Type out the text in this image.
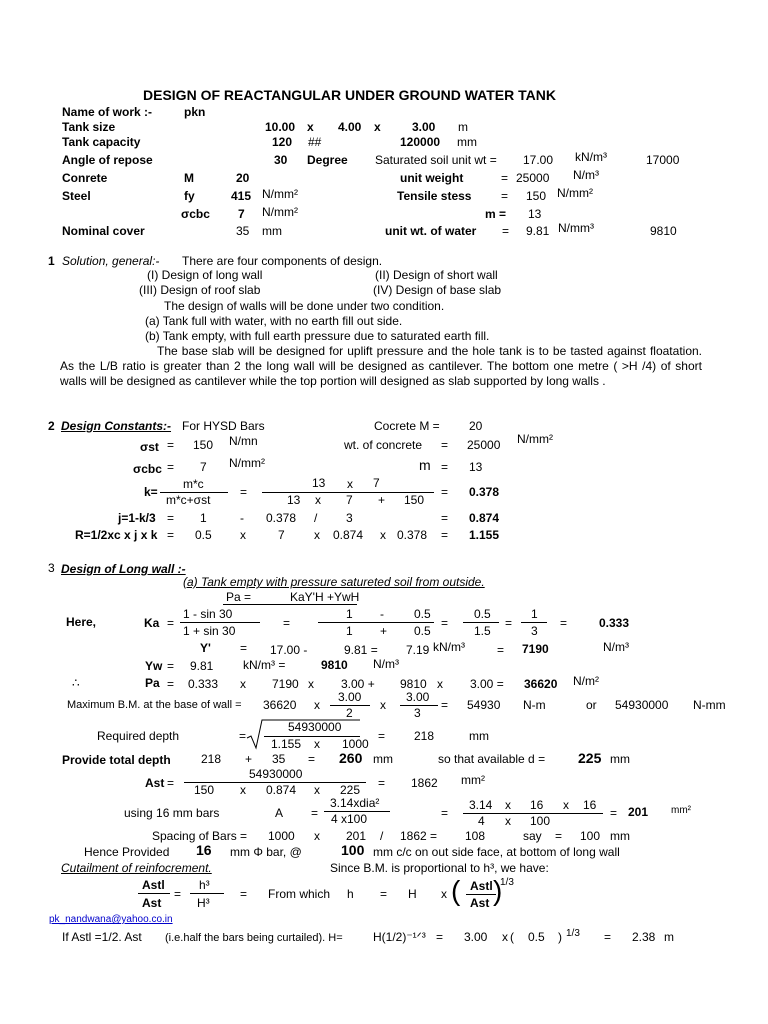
DESIGN OF REACTANGULAR UNDER GROUND WATER TANK
Name of work :-	pkn
Tank size	10.00 x 4.00 x	3.00 m
Tank capacity	120 ##	120000 mm
Angle of repose	30 Degree Saturated soil unit wt = 17.00 kN/m³	17000
Conrete	M	20	unit weight	= 25000 N/m³
Steel	fy	415 N/mm²	Tensile stess = 150 N/mm²
σcbc 7 N/mm²	m = 13
Nominal cover	35 mm	unit wt. of water = 9.81 N/mm³	9810
1 Solution, general:- There are four components of design.
(I) Design of long wall	(II) Design of short wall
(III) Design of roof slab	(IV) Design of base slab
The design of walls will be done under two condition.
(a) Tank full with water, with no earth fill out side.
(b) Tank empty, with full earth pressure due to saturated earth fill.
The base slab will be designed for uplift pressure and the hole tank is to be tasted against floatation. As the L/B ratio is greater than 2 the long wall will be designed as cantilever. The bottom one metre ( >H /4) of short walls will be designed as cantilever while the top portion will designed as slab supported by long walls .
2 Design Constants:- For HYSD Bars	Cocrete M = 20
σst = 150 N/mn	wt. of concrete = 25000 N/mm²
σcbc = 7 N/mm²	m = 13
k=
m*c
m*c+σst
=
13 x 7
13 x 7 + 150
= 0.378
j=1-k/3 = 1	- 0.378 / 3	= 0.874
R=1/2xc x j x k = 0.5 x	7 x 0.874 x 0.378 = 1.155
3 Design of Long wall :-
(a) Tank empty with pressure satureted soil from outside.
Pa =	KaY'H +YwH
Here,	Ka =
1 - sin 30
1 + sin 30
=
1 -	0.5
1 + 0.5
=
0.5
1.5
=
1
3
=	0.333
Y' = 17.00 -	9.81 = 7.19 kN/m³	= 7190	N/m³
Yw = 9.81 kN/m³ =	9810 N/m³
∴	Pa = 0.333 x 7190 x 3.00 + 9810 x 3.00 = 36620 N/m²
Maximum B.M. at the base of wall = 36620 x
3.00
2
x
3.00
3
= 54930 N-m	or 54930000 N-mm
Required depth	=
54930000
1.155 x 1000
= 218	mm
Provide total depth	218 + 35 = 260 mm	so that available d = 225 mm
Ast =
54930000
150 x 0.874 x 225 = 1862 mm²
using 16 mm bars	A =
3.14xdia²
4 x100	=
3.14 x 16 x 16
4 x 100
= 201 mm²
Spacing of Bars = 1000 x 201 / 1862 = 108	say = 100 mm
Hence Provided 16 mm Φ bar, @	100 mm c/c on out side face, at bottom of long wall
Cutailment of reinfocrement.	Since B.M. is proportional to h³, we have:
Astl
Ast
=
h³
H³
= From which h = H x ( Astl
Ast )
1/3
pk_nandwana@yahoo.co.in
If Astl =1/2. Ast (i.e.half the bars being curtailed). H=	H(1/2)⁻¹ᐟ³ = 3.00 x ( 0.5 ) 1/3 = 2.38 m
